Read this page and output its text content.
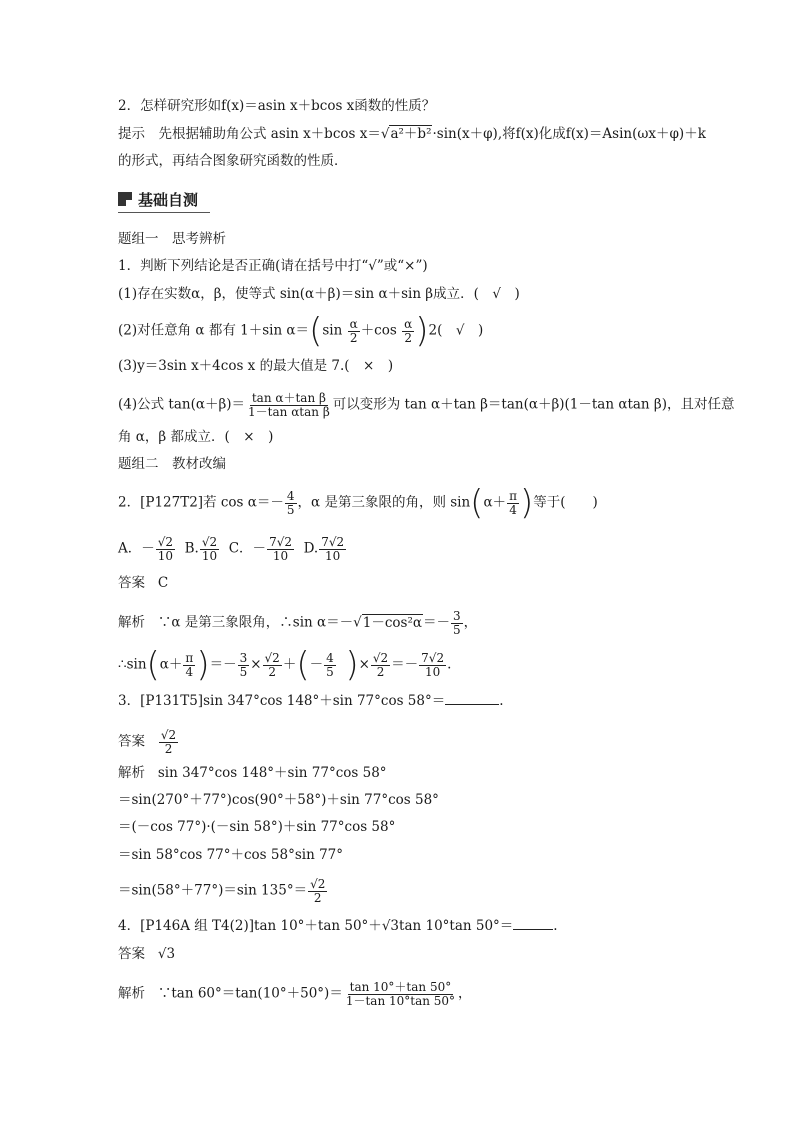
2．怎样研究形如f(x)＝asin x＋bcos x函数的性质？
提示　先根据辅助角公式 asin x＋bcos x＝√a²＋b²·sin(x＋φ),将f(x)化成f(x)＝Asin(ωx＋φ)＋k
的形式，再结合图象研究函数的性质．
基础自测
题组一　思考辨析
1．判断下列结论是否正确(请在括号中打“√”或“×”)
(1)存在实数α，β，使等式 sin(α＋β)＝sin α＋sin β成立．(　√　)
(2)对任意角 α 都有 1＋sin $\alpha=(\sin \frac{\alpha}{2} +\cos \frac{\alpha}{2} )2$(　√　)
(3)y＝3sin x＋4cos x 的最大值是 7.(　×　)
(4)公式 $\tan(\alpha+\beta)= \frac{\text{tan α＋tan β}}{\text{1－tan αtan β}}$ 可以变形为 tan α＋tan β＝tan(α＋β)(1－tan αtan β)，且对任意
角 α，β 都成立．(　×　)
题组二　教材改编
2．[P127T2]若 $\cos \alpha=- \frac{4}{5}$ ，α 是第三象限的角，则 $\sin(\alpha+ \frac{\pi}{4}$ )等于(　　)
A．－ $\frac{√2}{10} B$. $\frac{√2}{10}$ C．－ $\frac{7√2}{10} D$. $\frac{7√2}{10}$
答案 C
解析 ∵α 是第三象限角，∴sin $\alpha=-√1-\cos^2\alpha=- \frac{3}{5}$ ，
∴sin(α＋ $\frac{\pi}{4}$ )＝－ $\frac{3}{5} \times \frac{√2}{2}$ ＋(－ $\frac{4}{5}$ )× $\frac{√2}{2} =- \frac{7√2}{10}$ .
3．[P131T5]sin 347°cos 148°＋sin 77°cos 58°＝	.
答案 $\frac{√2}{2}$
解析 sin 347°cos 148°＋sin 77°cos 58°
＝sin(270°＋77°)cos(90°＋58°)＋sin 77°cos 58°
＝(－cos 77°)·(－sin 58°)＋sin 77°cos 58°
＝sin 58°cos 77°＋cos 58°sin 77°
＝sin(58°＋77°)＝sin $135^\circ= \frac{√2}{2}$
4．[P146A 组 T4(2)]tan 10°＋tan 50°＋√3tan 10°tan 50°＝	.
答案 √3
解析 ∵tan $60^\circ=\tan(10^\circ+50^\circ)= \frac{\tan 10^\circ+\tan 50^\circ}{1-\tan 10^\circ\tan 50^\circ}$ ，
